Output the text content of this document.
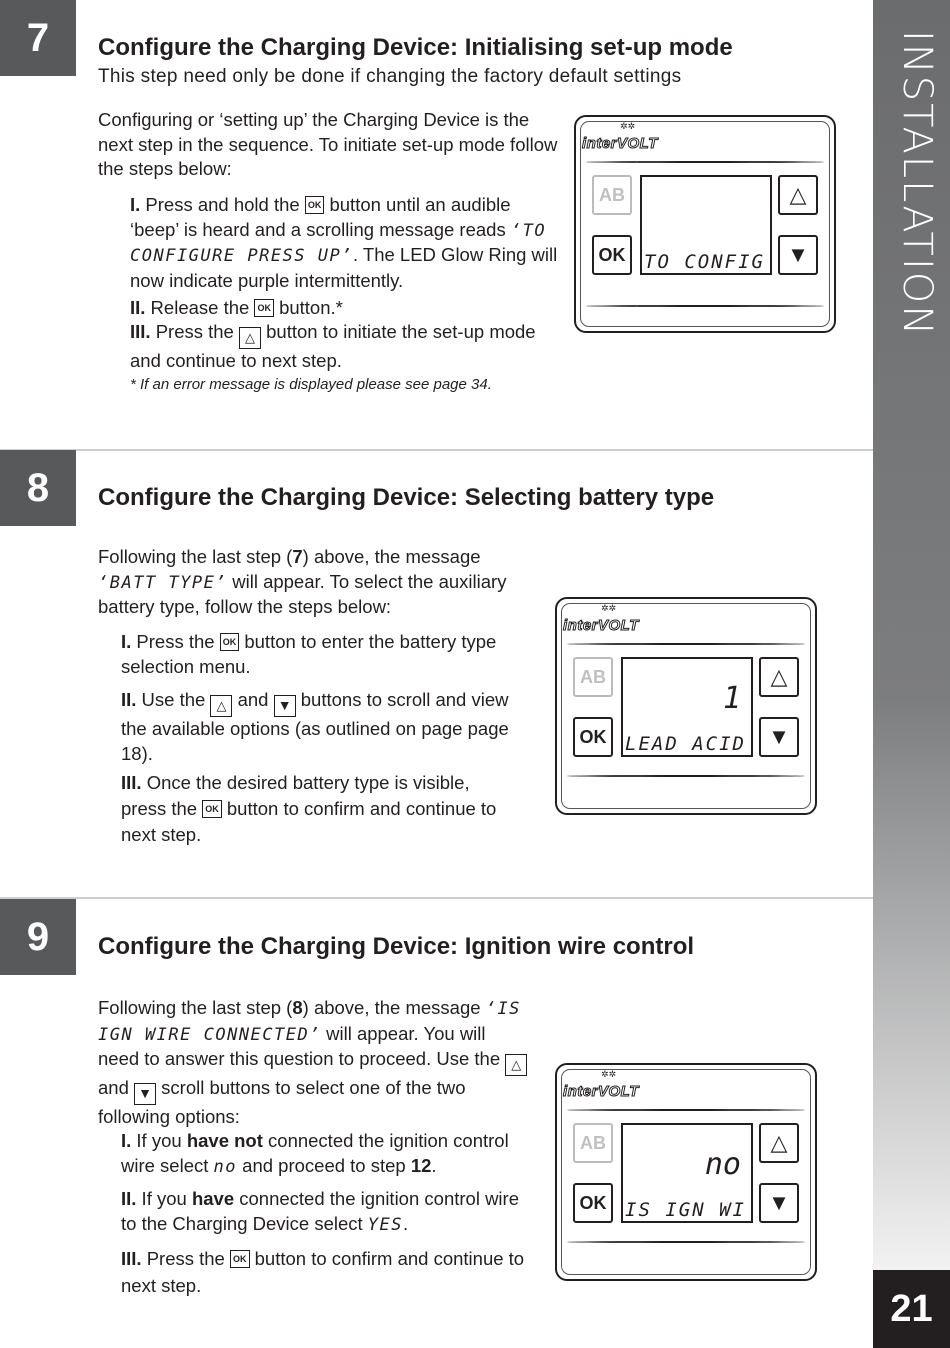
INSTALLATION
21
7	Configure the Charging Device: Initialising set-up mode
This step need only be done if changing the factory default settings
Configuring or ‘setting up’ the Charging Device is the next step in the sequence. To initiate set-up mode follow the steps below:
I. Press and hold the OK button until an audible ‘beep’ is heard and a scrolling message reads ‘TO CONFIGURE PRESS UP’. The LED Glow Ring will now indicate purple intermittently.
II. Release the OK button.*
III. Press the △ button to initiate the set-up mode and continue to next step.
* If an error message is displayed please see page 34.
✲✲
interVOLT
AB
OK
△
▼
TO CONFIG
8	Configure the Charging Device: Selecting battery type
Following the last step (7) above, the message ‘BATT TYPE’ will appear. To select the auxiliary battery type, follow the steps below:
I. Press the OK button to enter the battery type selection menu.
II. Use the △ and ▼ buttons to scroll and view the available options (as outlined on page page 18).
III. Once the desired battery type is visible, press the OK button to confirm and continue to next step.
✲✲
interVOLT
AB
OK
△
▼
1
LEAD ACID
9	Configure the Charging Device: Ignition wire control
Following the last step (8) above, the message ‘IS IGN WIRE CONNECTED’ will appear. You will need to answer this question to proceed. Use the △ and ▼ scroll buttons to select one of the two following options:
I. If you have not connected the ignition control wire select no and proceed to step 12.
II. If you have connected the ignition control wire to the Charging Device select YES.
III. Press the OK button to confirm and continue to next step.
✲✲
interVOLT
AB
OK
△
▼
no
IS IGN WI
